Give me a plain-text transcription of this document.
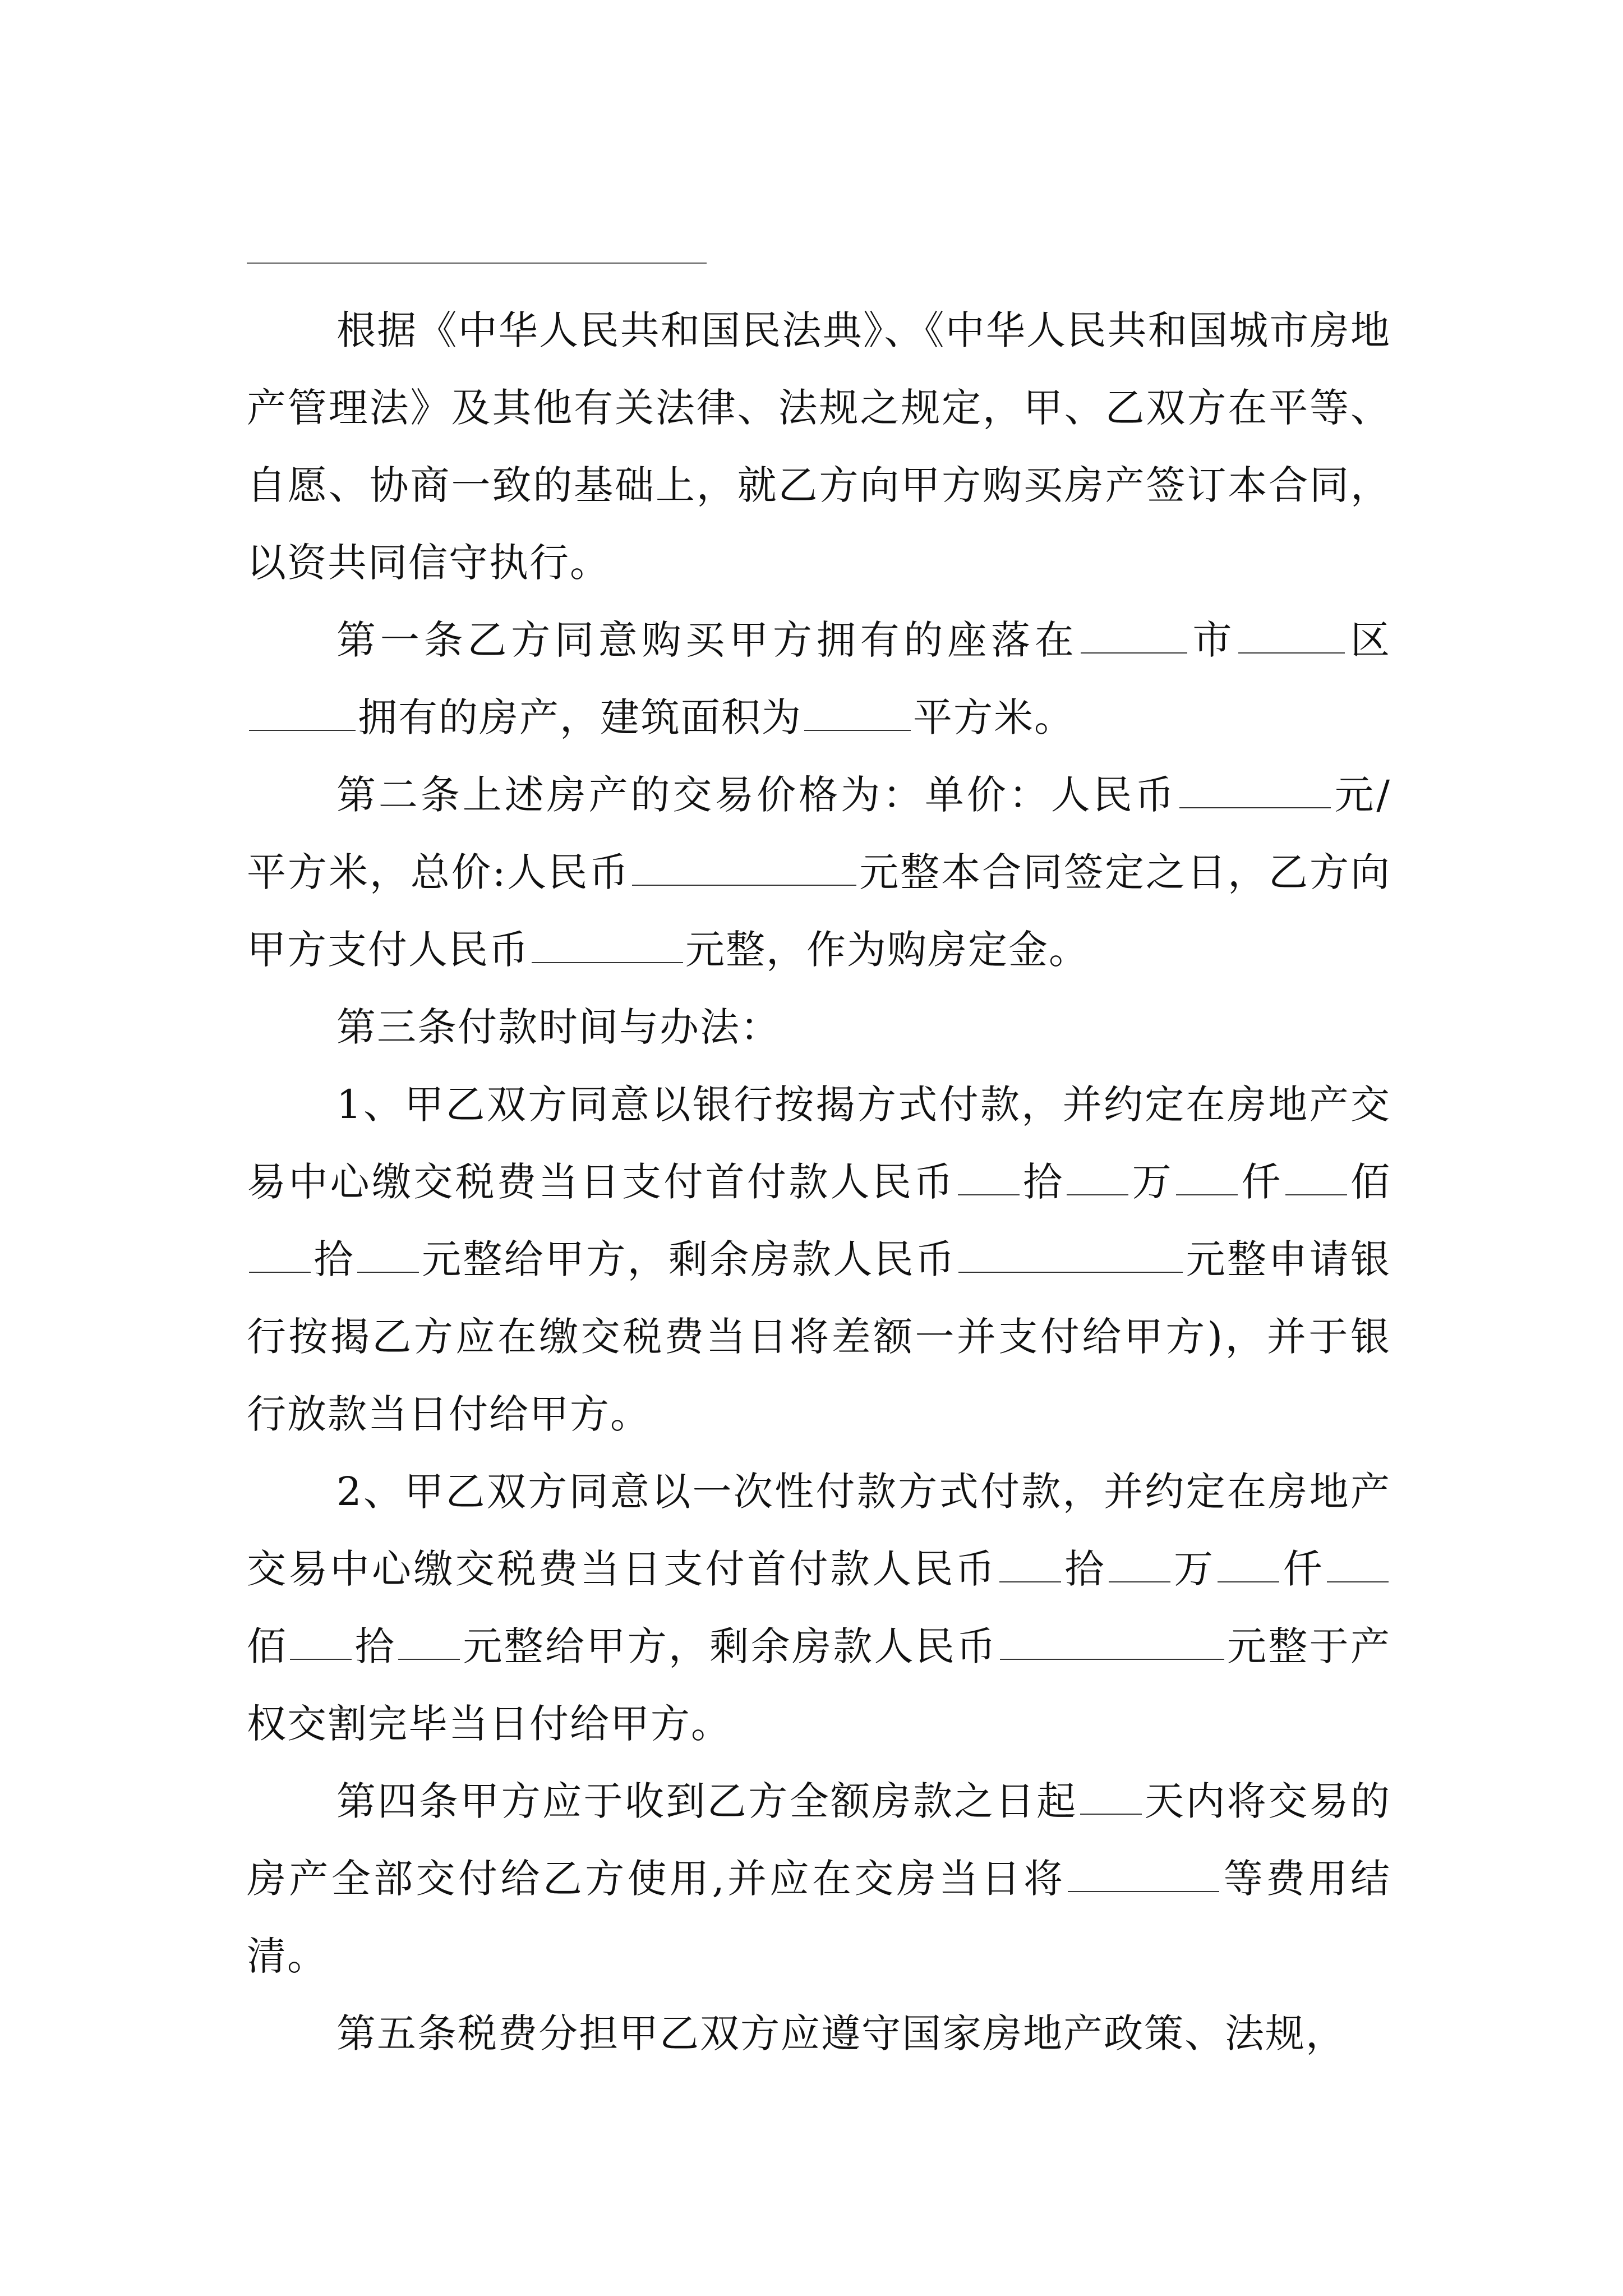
根据《中华人民共和国民法典》、《中华人民共和国城市房地产管理法》及其他有关法律、法规之规定，甲、乙双方在平等、自愿、协商一致的基础上，就乙方向甲方购买房产签订本合同，以资共同信守执行。

第一条乙方同意购买甲方拥有的座落在	市	区拥有的房产，建筑面积为	平方米。

第二条上述房产的交易价格为：单价：人民币	元/平方米，总价:人民币	元整本合同签定之日，乙方向甲方支付人民币	元整，作为购房定金。

第三条付款时间与办法：

1、甲乙双方同意以银行按揭方式付款，并约定在房地产交易中心缴交税费当日支付首付款人民币 拾 万 仟 佰拾 元整给甲方，剩余房款人民币	元整申请银行按揭乙方应在缴交税费当日将差额一并支付给甲方)，并于银行放款当日付给甲方。

2、甲乙双方同意以一次性付款方式付款，并约定在房地产交易中心缴交税费当日支付首付款人民币 拾 万 仟佰 拾 元整给甲方，剩余房款人民币	元整于产权交割完毕当日付给甲方。

第四条甲方应于收到乙方全额房款之日起 天内将交易的房产全部交付给乙方使用,并应在交房当日将	等费用结清。

第五条税费分担甲乙双方应遵守国家房地产政策、法规，
